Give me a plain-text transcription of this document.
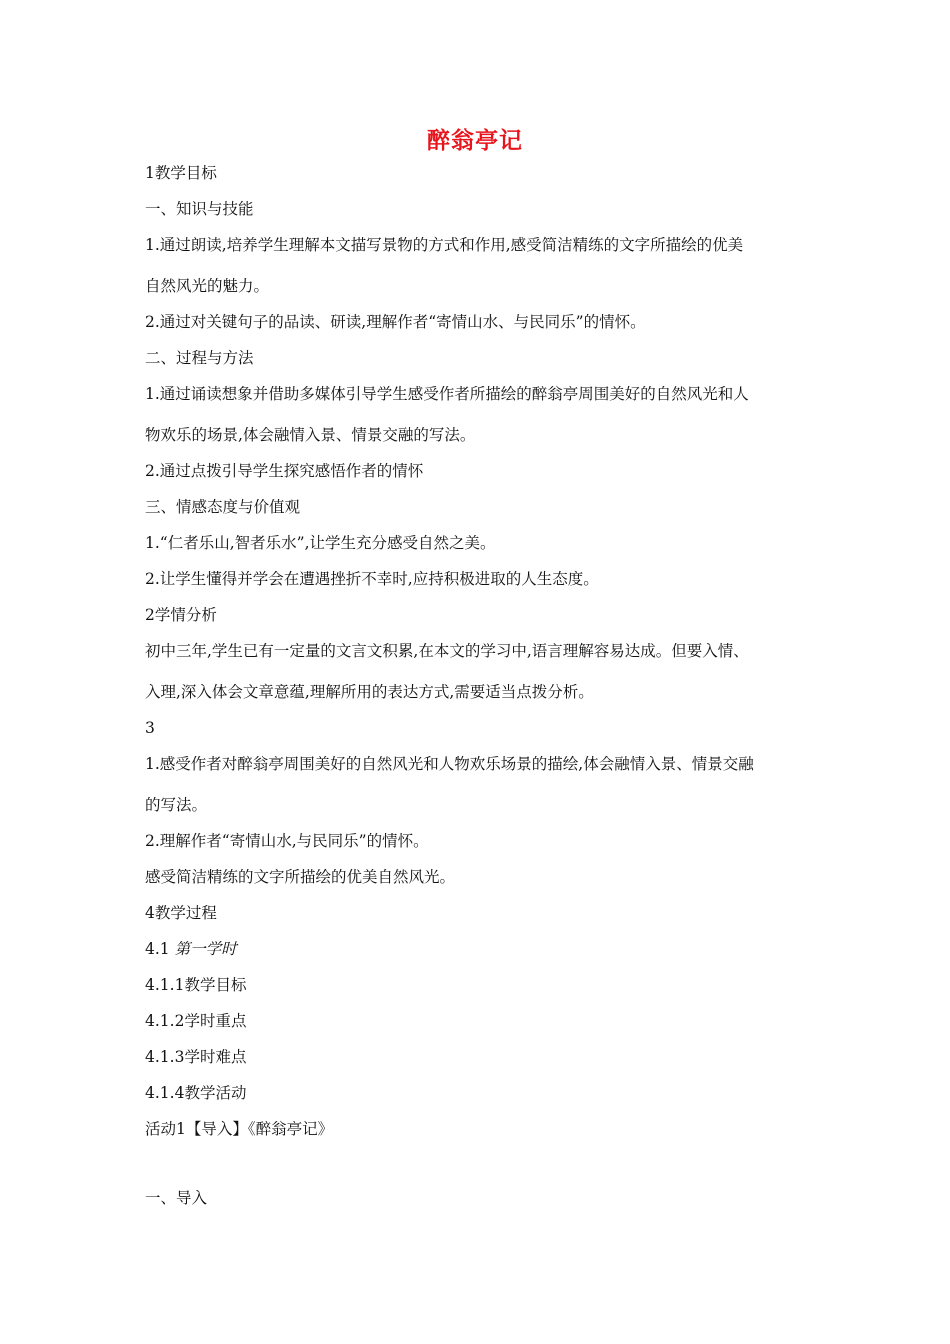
醉翁亭记
1教学目标
一、知识与技能
1.通过朗读,培养学生理解本文描写景物的方式和作用,感受简洁精练的文字所描绘的优美
自然风光的魅力。
2.通过对关键句子的品读、研读,理解作者“寄情山水、与民同乐”的情怀。
二、过程与方法
1.通过诵读想象并借助多媒体引导学生感受作者所描绘的醉翁亭周围美好的自然风光和人
物欢乐的场景,体会融情入景、情景交融的写法。
2.通过点拨引导学生探究感悟作者的情怀
三、情感态度与价值观
1.“仁者乐山,智者乐水”,让学生充分感受自然之美。
2.让学生懂得并学会在遭遇挫折不幸时,应持积极进取的人生态度。
2学情分析
初中三年,学生已有一定量的文言文积累,在本文的学习中,语言理解容易达成。但要入情、
入理,深入体会文章意蕴,理解所用的表达方式,需要适当点拨分析。
3
1.感受作者对醉翁亭周围美好的自然风光和人物欢乐场景的描绘,体会融情入景、情景交融
的写法。
2.理解作者“寄情山水,与民同乐”的情怀。
感受简洁精练的文字所描绘的优美自然风光。
4教学过程
4.1 第一学时
4.1.1教学目标
4.1.2学时重点
4.1.3学时难点
4.1.4教学活动
活动1【导入】《醉翁亭记》
一、导入
